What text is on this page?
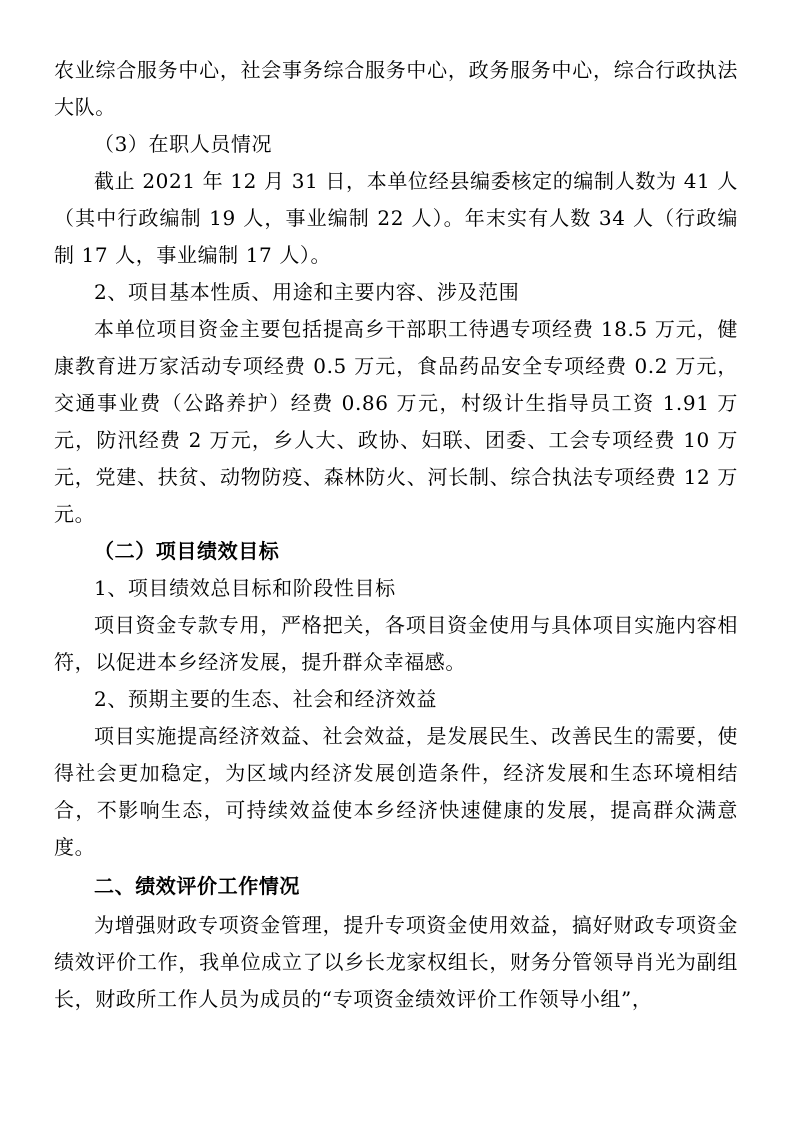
农业综合服务中心，社会事务综合服务中心，政务服务中心，综合行政执法大队。

（3）在职人员情况

截止 2021 年 12 月 31 日，本单位经县编委核定的编制人数为 41 人（其中行政编制 19 人，事业编制 22 人）。年末实有人数 34 人（行政编制 17 人，事业编制 17 人）。

2、项目基本性质、用途和主要内容、涉及范围

本单位项目资金主要包括提高乡干部职工待遇专项经费 18.5 万元，健康教育进万家活动专项经费 0.5 万元，食品药品安全专项经费 0.2 万元，交通事业费（公路养护）经费 0.86 万元，村级计生指导员工资 1.91 万元，防汛经费 2 万元，乡人大、政协、妇联、团委、工会专项经费 10 万元，党建、扶贫、动物防疫、森林防火、河长制、综合执法专项经费 12 万元。

（二）项目绩效目标

1、项目绩效总目标和阶段性目标

项目资金专款专用，严格把关，各项目资金使用与具体项目实施内容相符，以促进本乡经济发展，提升群众幸福感。

2、预期主要的生态、社会和经济效益

项目实施提高经济效益、社会效益，是发展民生、改善民生的需要，使得社会更加稳定，为区域内经济发展创造条件，经济发展和生态环境相结合，不影响生态，可持续效益使本乡经济快速健康的发展，提高群众满意度。

二、绩效评价工作情况

为增强财政专项资金管理，提升专项资金使用效益，搞好财政专项资金绩效评价工作，我单位成立了以乡长龙家权组长，财务分管领导肖光为副组长，财政所工作人员为成员的“专项资金绩效评价工作领导小组”，
